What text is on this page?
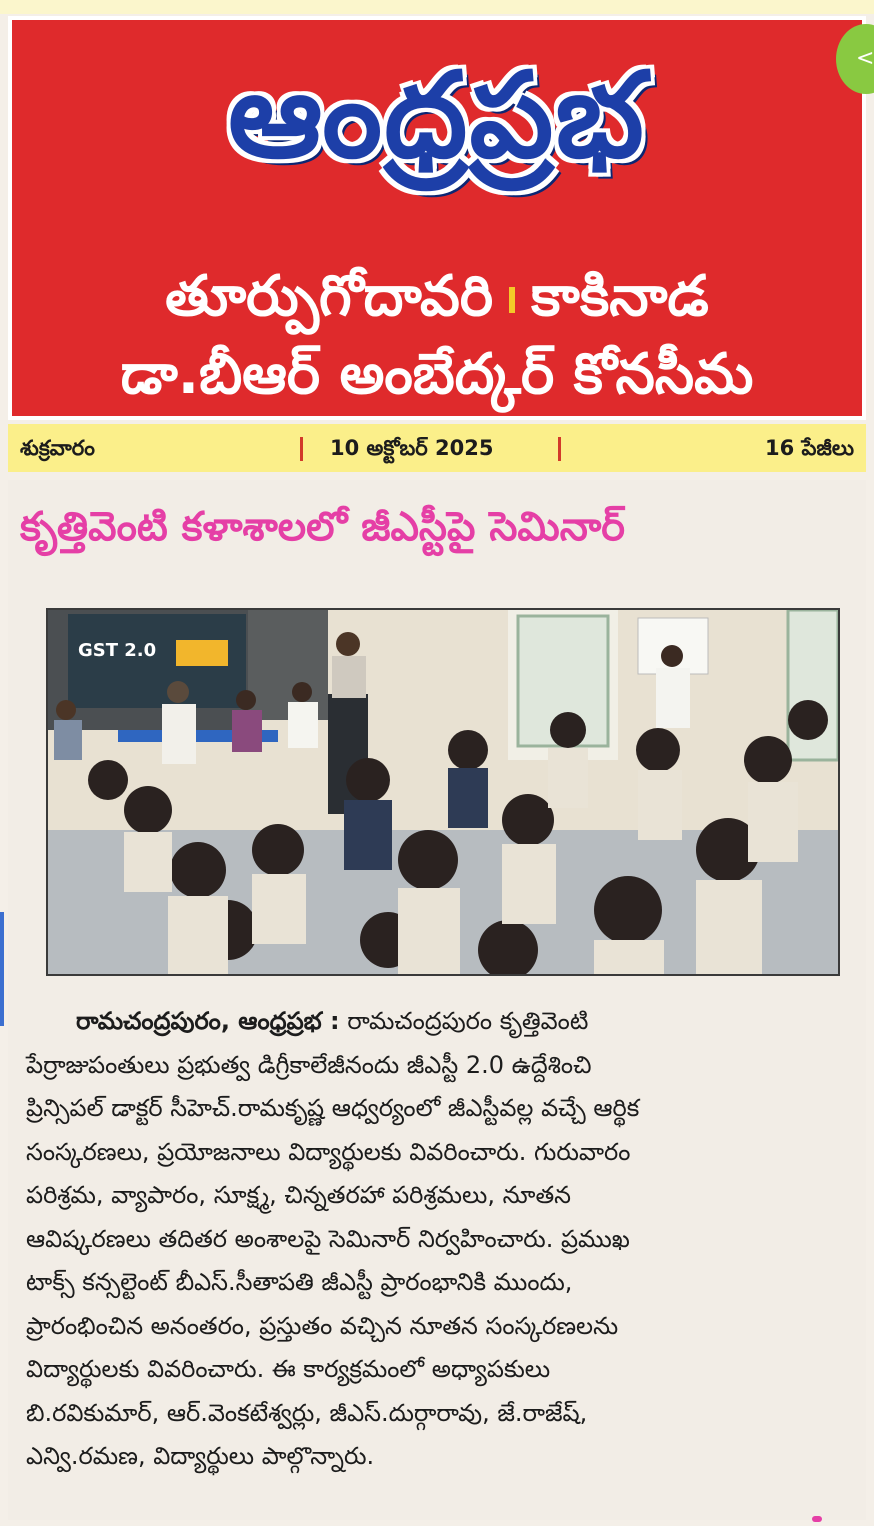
ఆంధ్రప్రభ
తూర్పుగోదావరి కాకినాడ
డా.బీఆర్ అంబేద్కర్ కోనసీమ
<
శుక్రవారం	10 అక్టోబర్ 2025	16 పేజీలు
కృత్తివెంటి కళాశాలలో జీఎస్టీపై సెమినార్
GST 2.0
రామచంద్రపురం, ఆంధ్రప్రభ : రామచంద్రపురం కృత్తివెంటి
పేర్రాజుపంతులు ప్రభుత్వ డిగ్రీకాలేజీనందు జీఎస్టీ 2.0 ఉద్దేశించి
ప్రిన్సిపల్ డాక్టర్ సీహెచ్.రామకృష్ణ ఆధ్వర్యంలో జీఎస్టీవల్ల వచ్చే ఆర్థిక
సంస్కరణలు, ప్రయోజనాలు విద్యార్థులకు వివరించారు. గురువారం
పరిశ్రమ, వ్యాపారం, సూక్ష్మ, చిన్నతరహా పరిశ్రమలు, నూతన
ఆవిష్కరణలు తదితర అంశాలపై సెమినార్ నిర్వహించారు. ప్రముఖ
టాక్స్ కన్సల్టెంట్ బీఎస్.సీతాపతి జీఎస్టీ ప్రారంభానికి ముందు,
ప్రారంభించిన అనంతరం, ప్రస్తుతం వచ్చిన నూతన సంస్కరణలను
విద్యార్థులకు వివరించారు. ఈ కార్యక్రమంలో అధ్యాపకులు
బి.రవికుమార్, ఆర్.వెంకటేశ్వర్లు, జీఎస్.దుర్గారావు, జే.రాజేష్,
ఎన్వి.రమణ, విద్యార్థులు పాల్గొన్నారు.
